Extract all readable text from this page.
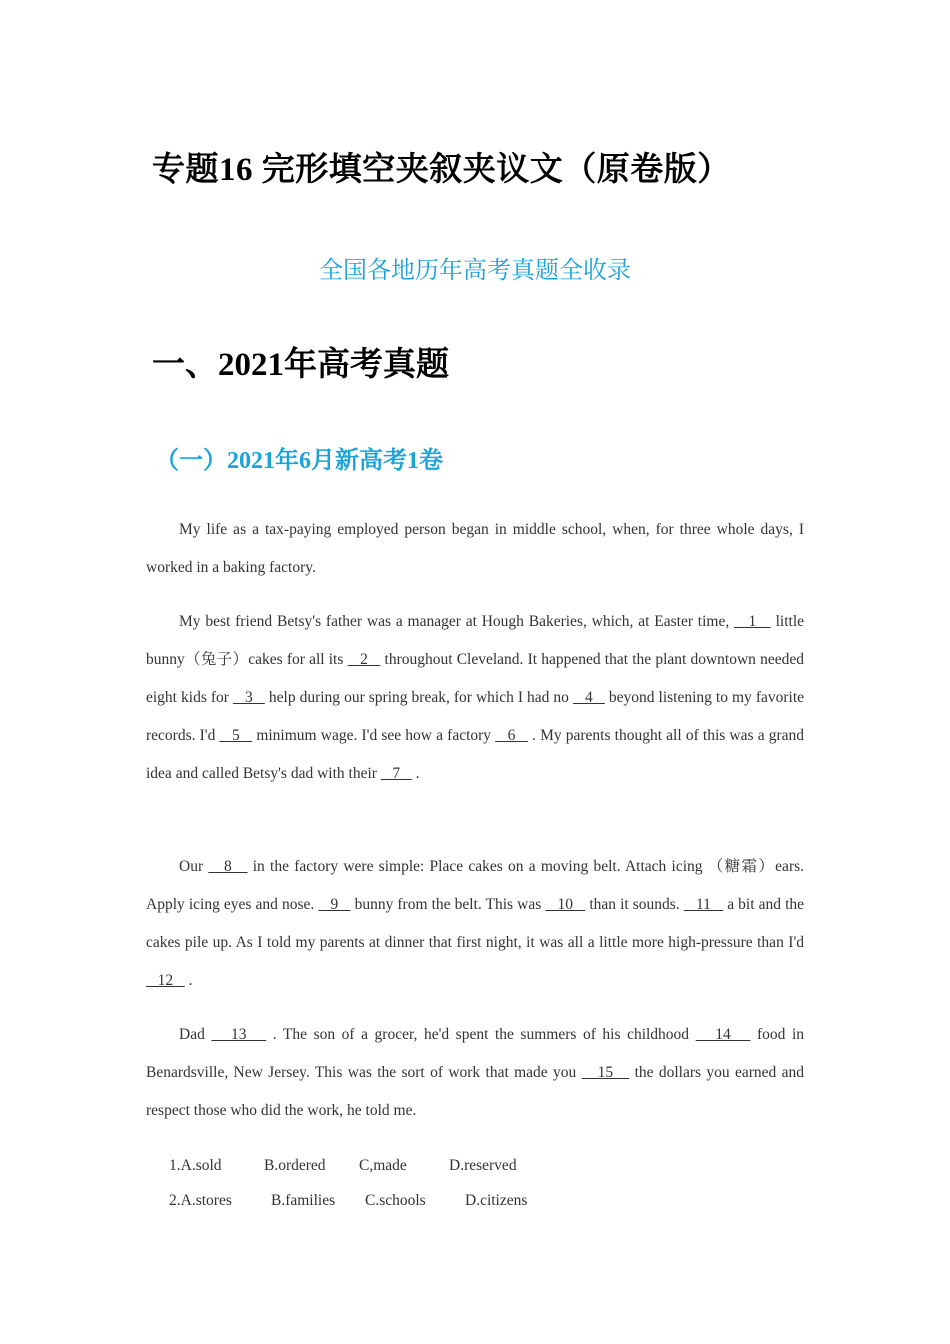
专题16 完形填空夹叙夹议文（原卷版）
全国各地历年高考真题全收录
一、2021年高考真题
（一）2021年6月新高考1卷
My life as a tax-paying employed person began in middle school, when, for three whole days, I worked in a baking factory.
My best friend Betsy's father was a manager at Hough Bakeries, which, at Easter time,    1    little bunny（兔子）cakes for all its    2    throughout Cleveland. It happened that the plant downtown needed eight kids for    3    help during our spring break, for which I had no    4    beyond listening to my favorite records. I'd    5    minimum wage. I'd see how a factory    6    . My parents thought all of this was a grand idea and called Betsy's dad with their    7    .
Our    8    in the factory were simple: Place cakes on a moving belt. Attach icing （糖霜）ears. Apply icing eyes and nose.    9    bunny from the belt. This was    10    than it sounds.    11    a bit and the cakes pile up. As I told my parents at dinner that first night, it was all a little more high-pressure than I'd    12    .
Dad    13    . The son of a grocer, he'd spent the summers of his childhood    14    food in Benardsville, New Jersey. This was the sort of work that made you    15    the dollars you earned and respect those who did the work, he told me.
1.A.sold	B.ordered C,made	D.reserved
2.A.stores	B.families C.schools	D.citizens
